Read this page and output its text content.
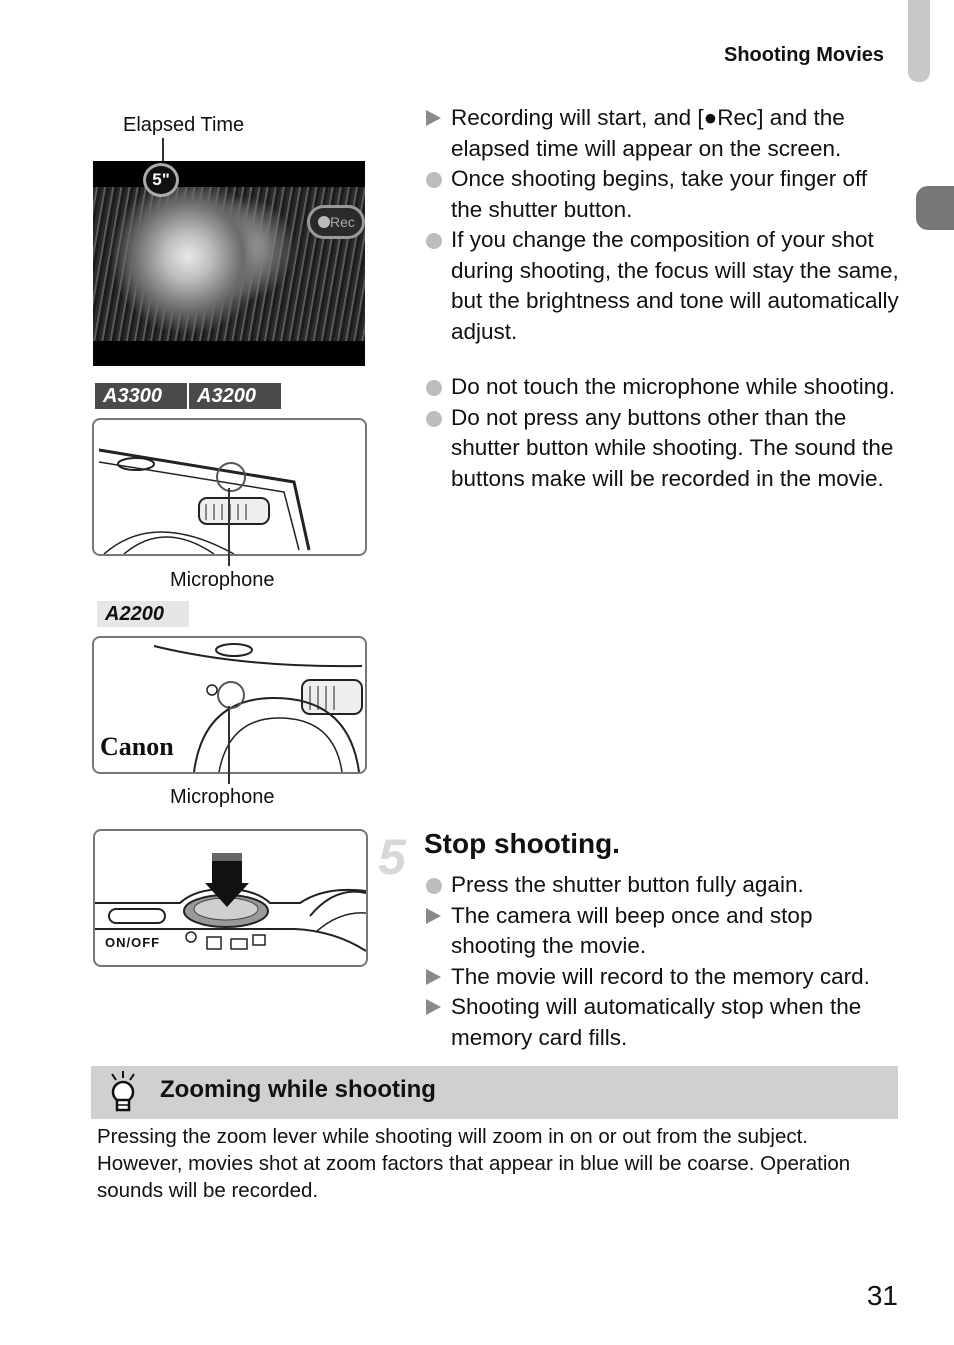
Shooting Movies
Elapsed Time
5"
Rec
A3300	A3200
Microphone
A2200
Canon
Microphone
ON/OFF
Recording will start, and [●Rec] and the elapsed time will appear on the screen.
Once shooting begins, take your finger off the shutter button.
If you change the composition of your shot during shooting, the focus will stay the same, but the brightness and tone will automatically adjust.
Do not touch the microphone while shooting.
Do not press any buttons other than the shutter button while shooting. The sound the buttons make will be recorded in the movie.
5 Stop shooting.
Press the shutter button fully again.
The camera will beep once and stop shooting the movie.
The movie will record to the memory card.
Shooting will automatically stop when the memory card fills.
Zooming while shooting
Pressing the zoom lever while shooting will zoom in on or out from the subject. However, movies shot at zoom factors that appear in blue will be coarse. Operation sounds will be recorded.
31
